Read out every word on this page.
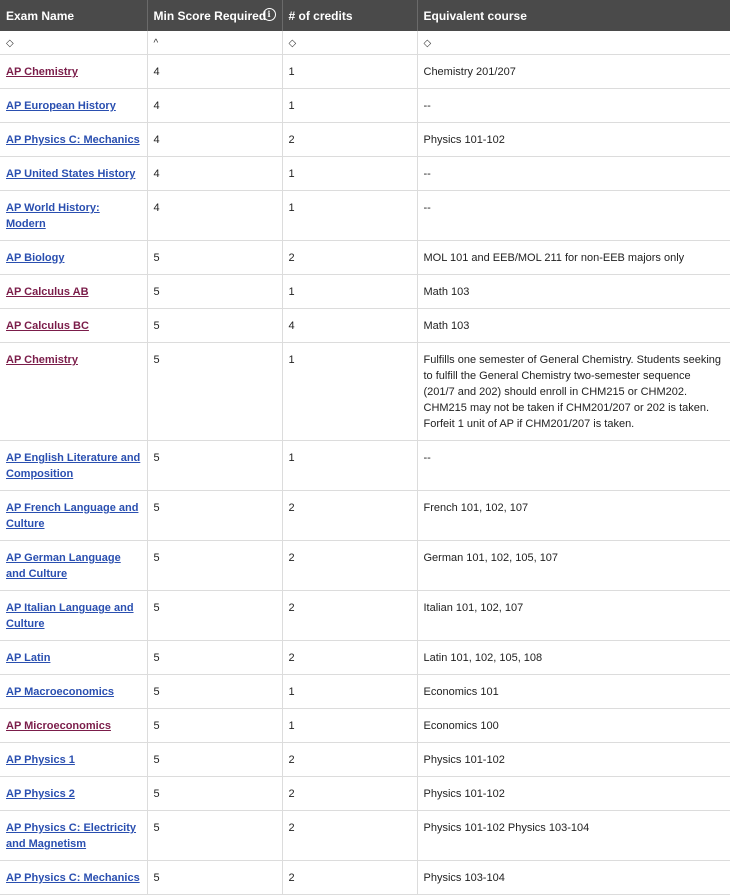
Exam Name	Min Score Required i	# of credits	Equivalent course
◇	^	◇	◇
AP Chemistry	4	1	Chemistry 201/207
AP European History	4	1	--
AP Physics C: Mechanics	4	2	Physics 101-102
AP United States History	4	1	--
AP World History: Modern	4	1	--
AP Biology	5	2	MOL 101 and EEB/MOL 211 for non-EEB majors only
AP Calculus AB	5	1	Math 103
AP Calculus BC	5	4	Math 103
AP Chemistry	5	1	Fulfills one semester of General Chemistry. Students seeking to fulfill the General Chemistry two-semester sequence (201/7 and 202) should enroll in CHM215 or CHM202. CHM215 may not be taken if CHM201/207 or 202 is taken. Forfeit 1 unit of AP if CHM201/207 is taken.
AP English Literature and Composition	5	1	--
AP French Language and Culture	5	2	French 101, 102, 107
AP German Language and Culture	5	2	German 101, 102, 105, 107
AP Italian Language and Culture	5	2	Italian 101, 102, 107
AP Latin	5	2	Latin 101, 102, 105, 108
AP Macroeconomics	5	1	Economics 101
AP Microeconomics	5	1	Economics 100
AP Physics 1	5	2	Physics 101-102
AP Physics 2	5	2	Physics 101-102
AP Physics C: Electricity and Magnetism	5	2	Physics 101-102 Physics 103-104
AP Physics C: Mechanics	5	2	Physics 103-104
